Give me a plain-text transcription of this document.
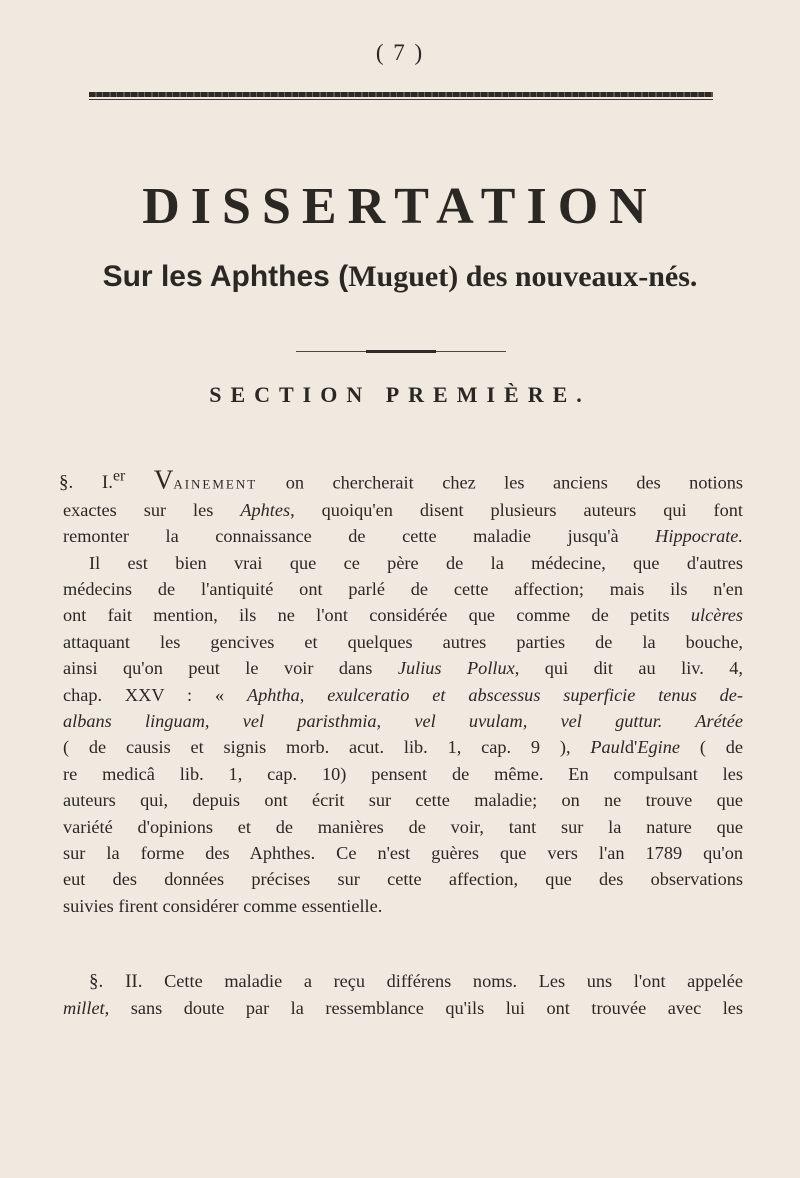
( 7 )
DISSERTATION
Sur les Aphthes (Muguet) des nouveaux-nés.
SECTION PREMIÈRE.
§. I.$^{er}$ Vainement on chercherait chez les anciens des notions
exactes sur les Aphtes, quoiqu'en disent plusieurs auteurs qui font
remonter la connaissance de cette maladie jusqu'à Hippocrate.
Il est bien vrai que ce père de la médecine, que d'autres
médecins de l'antiquité ont parlé de cette affection; mais ils n'en
ont fait mention, ils ne l'ont considérée que comme de petits ulcères
attaquant les gencives et quelques autres parties de la bouche,
ainsi qu'on peut le voir dans Julius Pollux, qui dit au liv. 4,
chap. XXV : « Aphtha, exulceratio et abscessus superficie tenus de-
albans linguam, vel paristhmia, vel uvulam, vel guttur. Arétée
( de causis et signis morb. acut. lib. 1, cap. 9 ), Pauld'Egine ( de
re medicâ lib. 1, cap. 10) pensent de même. En compulsant les
auteurs qui, depuis ont écrit sur cette maladie; on ne trouve que
variété d'opinions et de manières de voir, tant sur la nature que
sur la forme des Aphthes. Ce n'est guères que vers l'an 1789 qu'on
eut des données précises sur cette affection, que des observations
suivies firent considérer comme essentielle.
§. II. Cette maladie a reçu différens noms. Les uns l'ont appelée
millet, sans doute par la ressemblance qu'ils lui ont trouvée avec les
